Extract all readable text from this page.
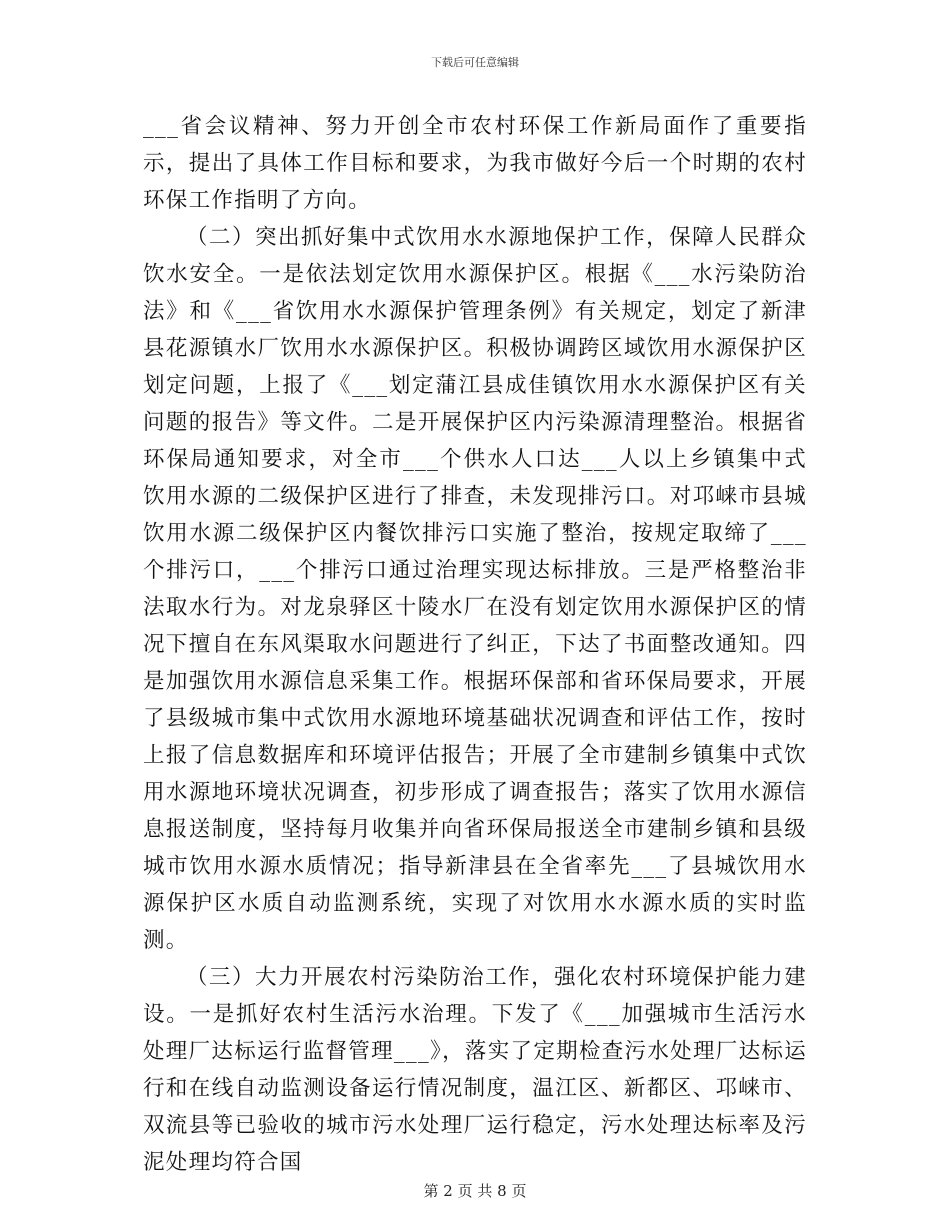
下载后可任意编辑

___省会议精神、努力开创全市农村环保工作新局面作了重要指示，提出了具体工作目标和要求，为我市做好今后一个时期的农村环保工作指明了方向。

（二）突出抓好集中式饮用水水源地保护工作，保障人民群众饮水安全。一是依法划定饮用水源保护区。根据《___水污染防治法》和《___省饮用水水源保护管理条例》有关规定，划定了新津县花源镇水厂饮用水水源保护区。积极协调跨区域饮用水源保护区划定问题，上报了《___划定蒲江县成佳镇饮用水水源保护区有关问题的报告》等文件。二是开展保护区内污染源清理整治。根据省环保局通知要求，对全市___个供水人口达___人以上乡镇集中式饮用水源的二级保护区进行了排查，未发现排污口。对邛崃市县城饮用水源二级保护区内餐饮排污口实施了整治，按规定取缔了___个排污口，___个排污口通过治理实现达标排放。三是严格整治非法取水行为。对龙泉驿区十陵水厂在没有划定饮用水源保护区的情况下擅自在东风渠取水问题进行了纠正，下达了书面整改通知。四是加强饮用水源信息采集工作。根据环保部和省环保局要求，开展了县级城市集中式饮用水源地环境基础状况调查和评估工作，按时上报了信息数据库和环境评估报告；开展了全市建制乡镇集中式饮用水源地环境状况调查，初步形成了调查报告；落实了饮用水源信息报送制度，坚持每月收集并向省环保局报送全市建制乡镇和县级城市饮用水源水质情况；指导新津县在全省率先___了县城饮用水源保护区水质自动监测系统，实现了对饮用水水源水质的实时监测。

（三）大力开展农村污染防治工作，强化农村环境保护能力建设。一是抓好农村生活污水治理。下发了《___加强城市生活污水处理厂达标运行监督管理___》，落实了定期检查污水处理厂达标运行和在线自动监测设备运行情况制度，温江区、新都区、邛崃市、双流县等已验收的城市污水处理厂运行稳定，污水处理达标率及污泥处理均符合国

第 2 页 共 8 页
